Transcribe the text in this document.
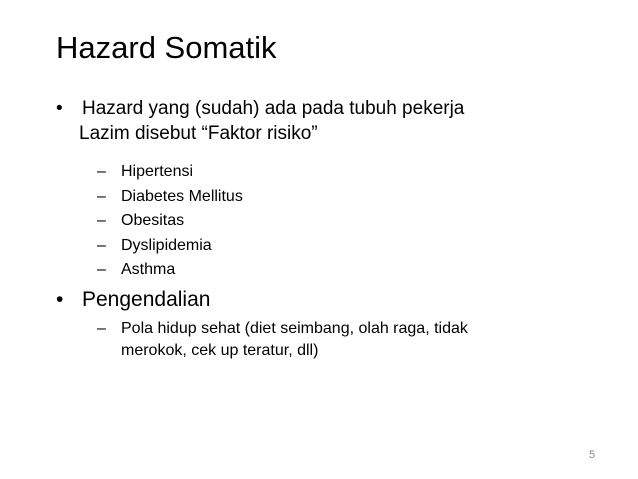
Hazard Somatik
•
Hazard yang (sudah) ada pada tubuh pekerja
Lazim disebut “Faktor risiko”
–
Hipertensi
–
Diabetes Mellitus
–
Obesitas
–
Dyslipidemia
–
Asthma
•
Pengendalian
–
Pola hidup sehat (diet seimbang, olah raga, tidak
merokok, cek up teratur, dll)
5
